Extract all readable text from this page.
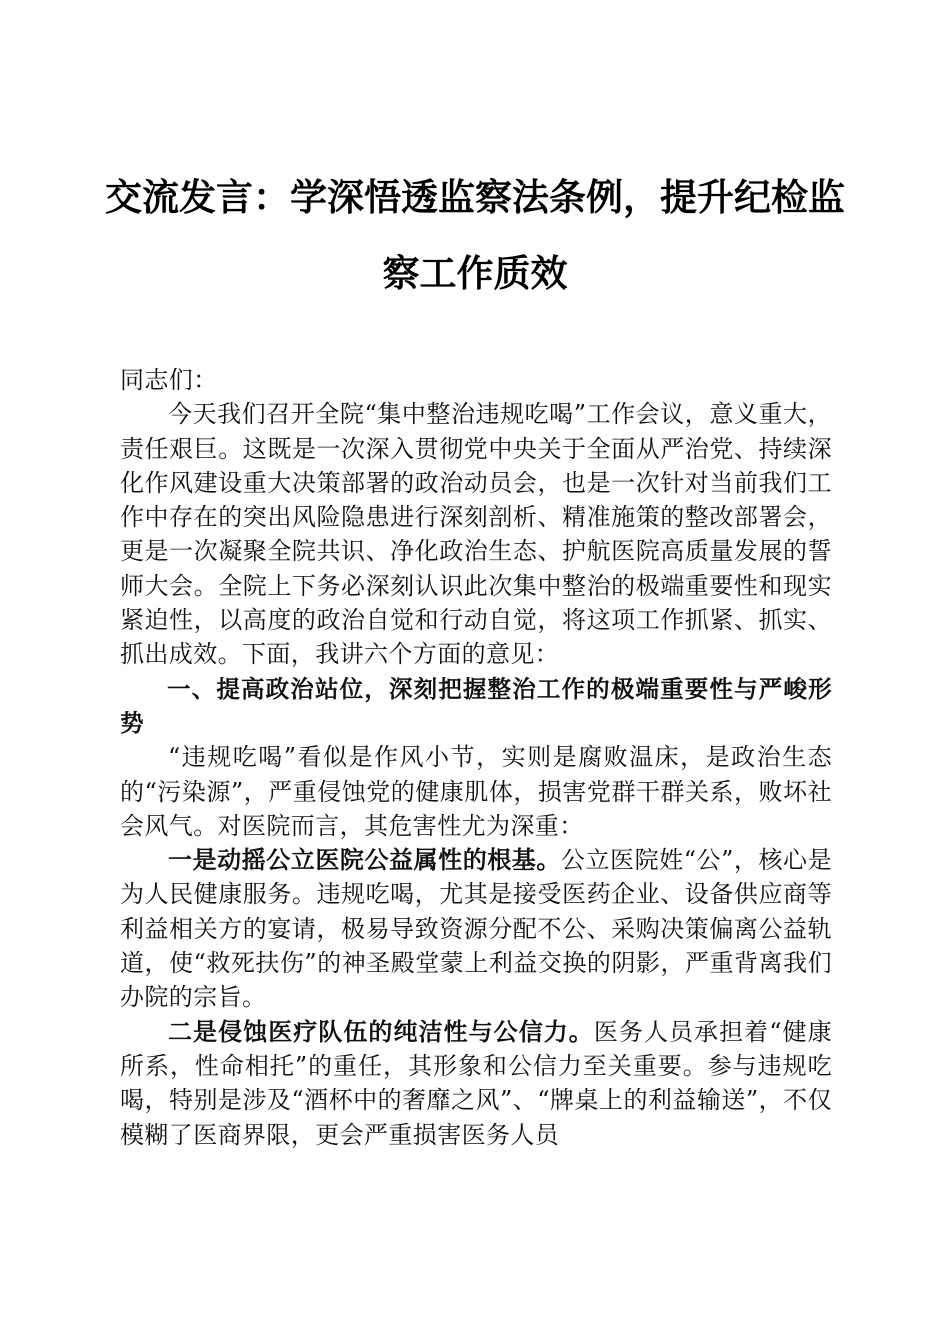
交流发言：学深悟透监察法条例，提升纪检监
察工作质效

同志们：

今天我们召开全院“集中整治违规吃喝”工作会议，意义重大，责任艰巨。这既是一次深入贯彻党中央关于全面从严治党、持续深化作风建设重大决策部署的政治动员会，也是一次针对当前我们工作中存在的突出风险隐患进行深刻剖析、精准施策的整改部署会，更是一次凝聚全院共识、净化政治生态、护航医院高质量发展的誓师大会。全院上下务必深刻认识此次集中整治的极端重要性和现实紧迫性，以高度的政治自觉和行动自觉，将这项工作抓紧、抓实、抓出成效。下面，我讲六个方面的意见：

一、提高政治站位，深刻把握整治工作的极端重要性与严峻形势

“违规吃喝”看似是作风小节，实则是腐败温床，是政治生态的“污染源”，严重侵蚀党的健康肌体，损害党群干群关系，败坏社会风气。对医院而言，其危害性尤为深重：

一是动摇公立医院公益属性的根基。公立医院姓“公”，核心是为人民健康服务。违规吃喝，尤其是接受医药企业、设备供应商等利益相关方的宴请，极易导致资源分配不公、采购决策偏离公益轨道，使“救死扶伤”的神圣殿堂蒙上利益交换的阴影，严重背离我们办院的宗旨。

二是侵蚀医疗队伍的纯洁性与公信力。医务人员承担着“健康所系，性命相托”的重任，其形象和公信力至关重要。参与违规吃喝，特别是涉及“酒杯中的奢靡之风”、“牌桌上的利益输送”，不仅模糊了医商界限，更会严重损害医务人员
